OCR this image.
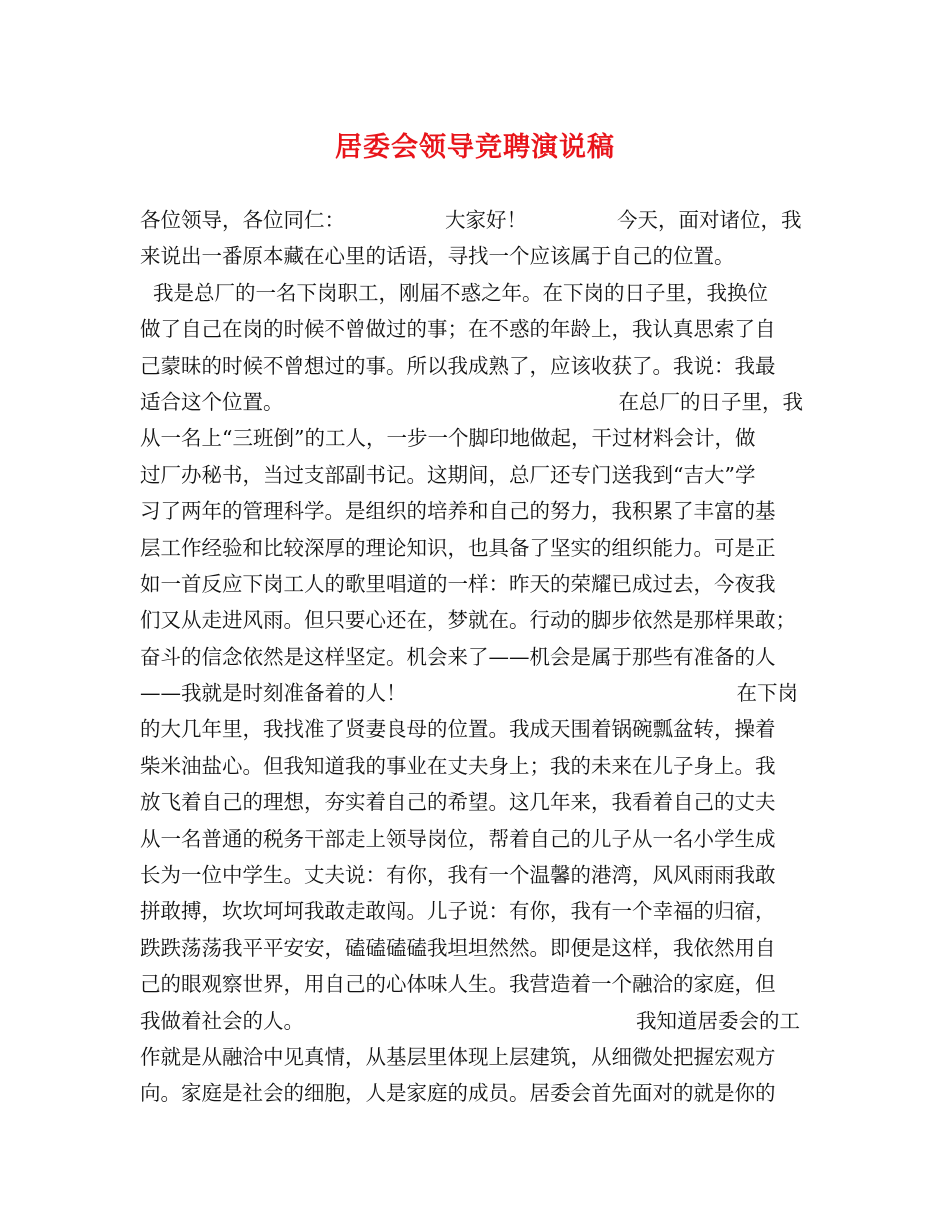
居委会领导竞聘演说稿
各位领导，各位同仁：	大家好！	今天，面对诸位，我
来说出一番原本藏在心里的话语，寻找一个应该属于自己的位置。
我是总厂的一名下岗职工，刚届不惑之年。在下岗的日子里，我换位
做了自己在岗的时候不曾做过的事；在不惑的年龄上，我认真思索了自
己蒙昧的时候不曾想过的事。所以我成熟了，应该收获了。我说：我最
适合这个位置。	在总厂的日子里，我
从一名上“三班倒”的工人，一步一个脚印地做起，干过材料会计，做
过厂办秘书，当过支部副书记。这期间，总厂还专门送我到“吉大”学
习了两年的管理科学。是组织的培养和自己的努力，我积累了丰富的基
层工作经验和比较深厚的理论知识，也具备了坚实的组织能力。可是正
如一首反应下岗工人的歌里唱道的一样：昨天的荣耀已成过去，今夜我
们又从走进风雨。但只要心还在，梦就在。行动的脚步依然是那样果敢；
奋斗的信念依然是这样坚定。机会来了——机会是属于那些有准备的人
——我就是时刻准备着的人！	在下岗
的大几年里，我找准了贤妻良母的位置。我成天围着锅碗瓢盆转，操着
柴米油盐心。但我知道我的事业在丈夫身上；我的未来在儿子身上。我
放飞着自己的理想，夯实着自己的希望。这几年来，我看着自己的丈夫
从一名普通的税务干部走上领导岗位，帮着自己的儿子从一名小学生成
长为一位中学生。丈夫说：有你，我有一个温馨的港湾，风风雨雨我敢
拼敢搏，坎坎坷坷我敢走敢闯。儿子说：有你，我有一个幸福的归宿，
跌跌荡荡我平平安安，磕磕磕磕我坦坦然然。即便是这样，我依然用自
己的眼观察世界，用自己的心体味人生。我营造着一个融洽的家庭，但
我做着社会的人。	我知道居委会的工
作就是从融洽中见真情，从基层里体现上层建筑，从细微处把握宏观方
向。家庭是社会的细胞，人是家庭的成员。居委会首先面对的就是你的
